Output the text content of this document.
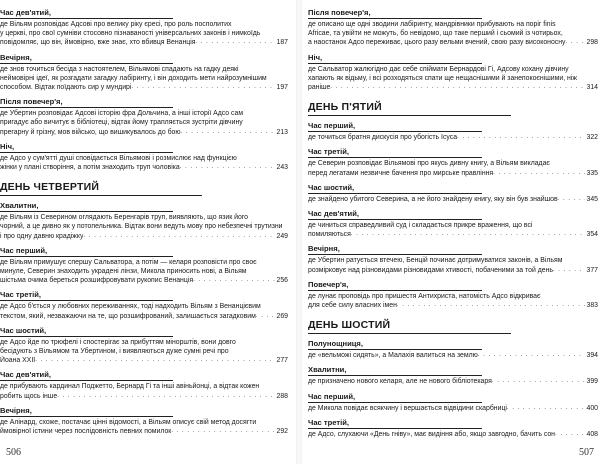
Час дев'ятий,
де Вільям розповідає Адсові про велику ріку єресі, про роль посполитих
у церкві, про свої сумніви стосовно пізнаваності універсальних законів і нимкоїдь
повідомляє, що він, ймовірно, вже знає, хто вбивця Венанція . . .	187
Вечірня,
де знов точиться бесіда з настоятелем, Вільямові спадають на гадку деякі
неймовірні ідеї, як розгадати загадку лабіринту, і він доходить мети найрозумнішим
способом. Відтак поїдають сир у мундирі . . .	197
Після повечер'я,
де Убертин розповідає Адсові історію фра Дольчина, а інші історії Адсо сам
пригадує або вичитує в бібліотеці, відтак йому трапляється зустріти дівчину
прегарну й грізну, мов військо, що вишикувалось до бою . . .	213
Ніч,
де Адсо у сум'ятті душі сповідається Вільямові і розмислює над функцією
жінки у плані створіння, а потім знаходить труп чоловіка . . .	243
ДЕНЬ ЧЕТВЕРТИЙ
Хвалитни,
де Вільям із Северином оглядають Беренгарів труп, виявляють, що язик його
чорний, а це дивно як у потопельника. Відтак вони ведуть мову про небезпечні трутизни
і про одну давню крадіжку . . .	249
Час перший,
де Вільям примушує спершу Сальватора, а потім — келаря розповісти про своє
минуле, Северин знаходить украдені лінзи, Микола приносить нові, а Вільям
шістьма очима береться розшифровувати рукопис Венанція . . .	256
Час третій,
де Адсо б'ється у любовних переживаннях, тоді надходить Вільям з Венанцієвим
текстом, який, незважаючи на те, що розшифрований, залишається загадковим . . .	269
Час шостий,
де Адсо йде по трюфелі і спостерігає за прибуттям мінорштів, вони довго
бесідують з Вільямом та Убертином, і виявляються дуже сумні речі про
Йоана XXII . . .	277
Час дев'ятий,
де прибувають кардинал Поджетто, Бернард Гі та інші авіньйонці, а відтак кожен
робить щось інше . . .	288
Вечірня,
де Алінард, схоже, постачає цінні відомості, а Вільям описує свій метод досягти
ймовірної істини через послідовність певних помилок . . .	292
Після повечер'я,
де описано ще одні зводини лабіринту, мандрівники прибувають на поріг finis
Africae, та увійти не можуть, бо невідомо, що таке перший і сьомий із чотирьох,
а наостанок Адсо переживає, цього разу вельми вчений, свою разу високоносну . . .	298
Ніч,
де Сальватор жалюгідно дає себе спіймати Бернардові Гі, Адсову кохану дівчину
хапають як відьму, і всі розходяться спати ще нещаснішими й занепокоєнішими, ніж
раніше . . .	314
ДЕНЬ П'ЯТИЙ
Час перший,
де точиться братня дискусія про убогість Ісуса . . .	322
Час третій,
де Северин розповідає Вільямові про якусь дивну книгу, а Вільям викладає
перед легатами незвичне бачення про мирське правління . . .	335
Час шостий,
де знайдено убитого Северина, а не його знайдену книгу, яку він був знайшов . . .	345
Час дев'ятий,
де чиниться справедливий суд і складається прикре враження, що всі
помиляються . . .	354
Вечірня,
де Убертин ратується втечею, Бенцій починає дотримуватися законів, а Вільям
розмірковує над різновидами різновидами хтивості, побаченими за той день . . .	377
Повечер'я,
де лунає проповідь про пришестя Антихриста, натомість Адсо відкриває
для себе силу власних імен . . .	383
ДЕНЬ ШОСТИЙ
Полунощниця,
де «вельможі сидять», а Малахія валиться на землю . . .	394
Хвалитни,
де призначено нового келаря, але не нового бібліотекаря . . .	399
Час перший,
де Микола повідає всякчину і вершається відвідини скарбниці . . .	400
Час третій,
де Адсо, слухаючи «День гніву», має видіння або, якщо завгодно, бачить сон . . .	408
506	507
